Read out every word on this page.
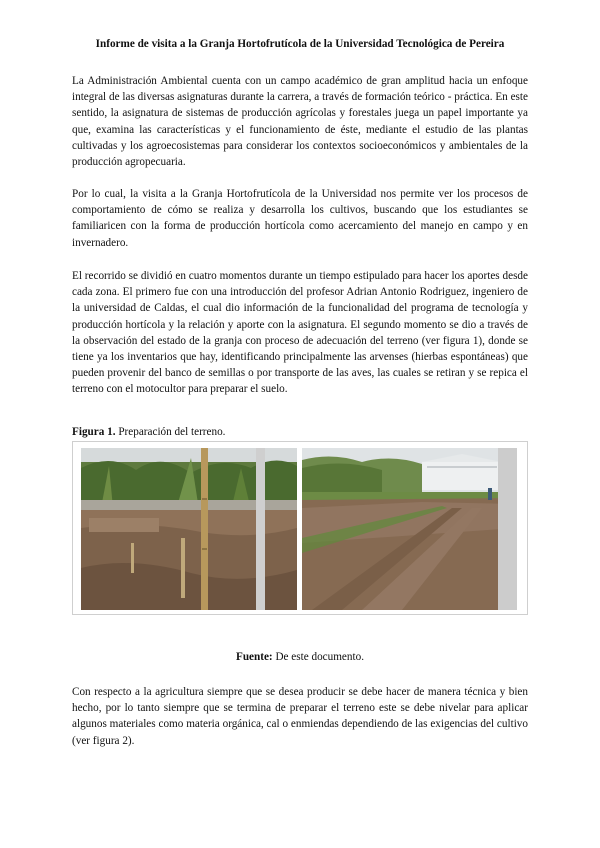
Informe de visita a la Granja Hortofrutícola de la Universidad Tecnológica de Pereira

La Administración Ambiental cuenta con un campo académico de gran amplitud hacia un enfoque integral de las diversas asignaturas durante la carrera, a través de formación teórico - práctica. En este sentido, la asignatura de sistemas de producción agrícolas y forestales juega un papel importante ya que, examina las características y el funcionamiento de éste, mediante el estudio de las plantas cultivadas y los agroecosistemas para considerar los contextos socioeconómicos y ambientales de la producción agropecuaria.

Por lo cual, la visita a la Granja Hortofrutícola de la Universidad nos permite ver los procesos de comportamiento de cómo se realiza y desarrolla los cultivos, buscando que los estudiantes se familiaricen con la forma de producción hortícola como acercamiento del manejo en campo y en invernadero.

El recorrido se dividió en cuatro momentos durante un tiempo estipulado para hacer los aportes desde cada zona. El primero fue con una introducción del profesor Adrian Antonio Rodriguez, ingeniero de la universidad de Caldas, el cual dio información de la funcionalidad del programa de tecnología y producción hortícola y la relación y aporte con la asignatura. El segundo momento se dio a través de la observación del estado de la granja con proceso de adecuación del terreno (ver figura 1), donde se tiene ya los inventarios que hay, identificando principalmente las arvenses (hierbas espontáneas) que pueden provenir del banco de semillas o por transporte de las aves, las cuales se retiran y se repica el terreno con el motocultor para preparar el suelo.

Figura 1. Preparación del terreno.
Fuente: De este documento.

Con respecto a la agricultura siempre que se desea producir se debe hacer de manera técnica y bien hecho, por lo tanto siempre que se termina de preparar el terreno este se debe nivelar para aplicar algunos materiales como materia orgánica, cal o enmiendas dependiendo de las exigencias del cultivo (ver figura 2).
